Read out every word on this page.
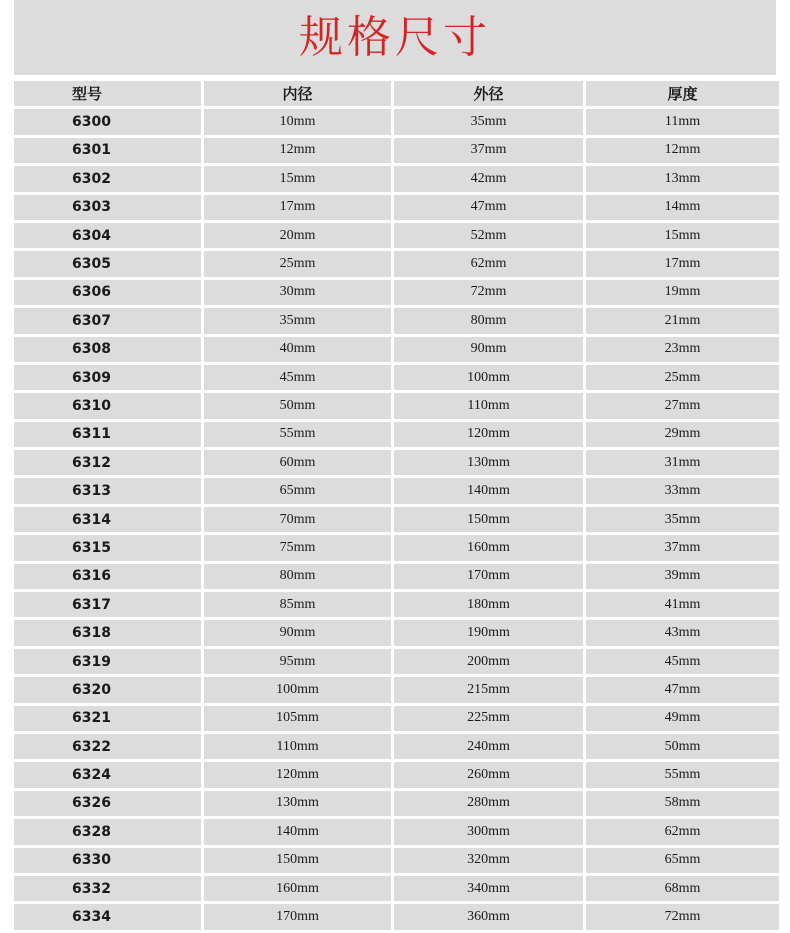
规格尺寸
型号	内径	外径	厚度
6300	10mm	35mm	11mm
6301	12mm	37mm	12mm
6302	15mm	42mm	13mm
6303	17mm	47mm	14mm
6304	20mm	52mm	15mm
6305	25mm	62mm	17mm
6306	30mm	72mm	19mm
6307	35mm	80mm	21mm
6308	40mm	90mm	23mm
6309	45mm	100mm	25mm
6310	50mm	110mm	27mm
6311	55mm	120mm	29mm
6312	60mm	130mm	31mm
6313	65mm	140mm	33mm
6314	70mm	150mm	35mm
6315	75mm	160mm	37mm
6316	80mm	170mm	39mm
6317	85mm	180mm	41mm
6318	90mm	190mm	43mm
6319	95mm	200mm	45mm
6320	100mm	215mm	47mm
6321	105mm	225mm	49mm
6322	110mm	240mm	50mm
6324	120mm	260mm	55mm
6326	130mm	280mm	58mm
6328	140mm	300mm	62mm
6330	150mm	320mm	65mm
6332	160mm	340mm	68mm
6334	170mm	360mm	72mm
